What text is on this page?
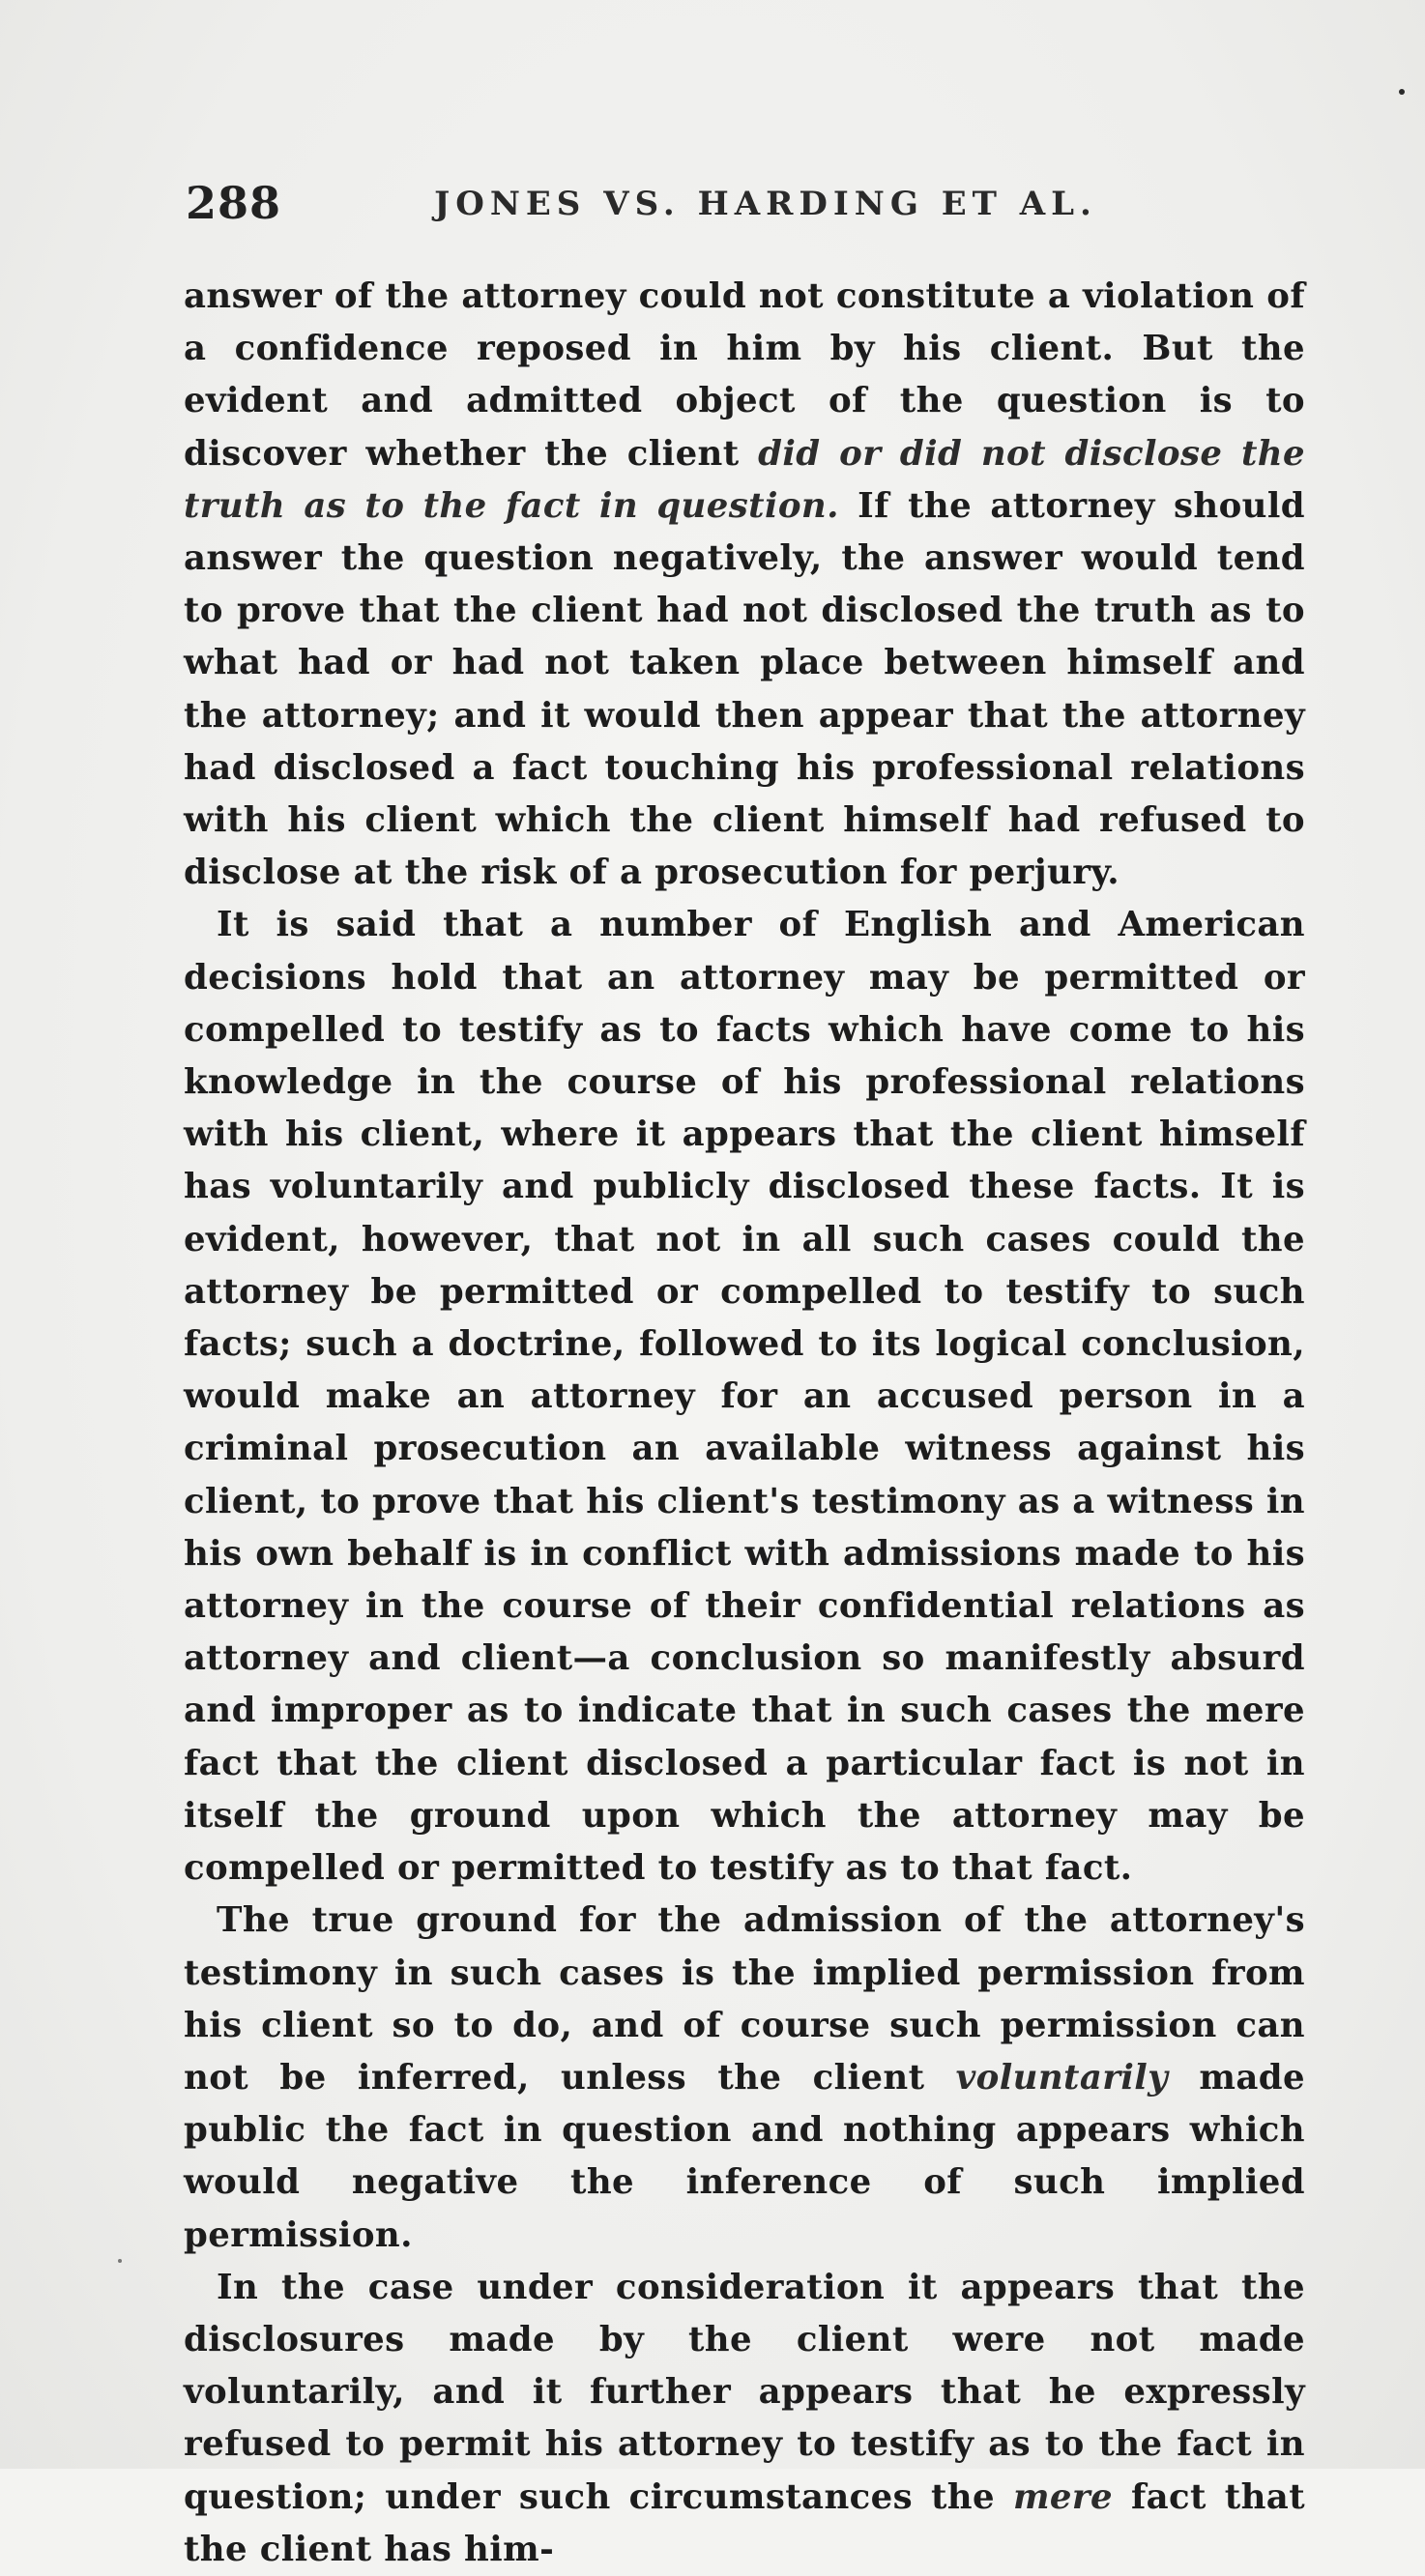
288	JONES VS. HARDING ET AL.

answer of the attorney could not constitute a violation of a confidence reposed in him by his client. But the evident and admitted object of the question is to discover whether the client did or did not disclose the truth as to the fact in question. If the attorney should answer the question negatively, the answer would tend to prove that the client had not disclosed the truth as to what had or had not taken place between himself and the attorney; and it would then appear that the attorney had disclosed a fact touching his professional relations with his client which the client himself had refused to disclose at the risk of a prosecution for perjury.

It is said that a number of English and American decisions hold that an attorney may be permitted or compelled to testify as to facts which have come to his knowledge in the course of his professional relations with his client, where it appears that the client himself has voluntarily and publicly disclosed these facts. It is evident, however, that not in all such cases could the attorney be permitted or compelled to testify to such facts; such a doctrine, followed to its logical conclusion, would make an attorney for an accused person in a criminal prosecution an available witness against his client, to prove that his client's testimony as a witness in his own behalf is in conflict with admissions made to his attorney in the course of their confidential relations as attorney and client—a conclusion so manifestly absurd and improper as to indicate that in such cases the mere fact that the client disclosed a particular fact is not in itself the ground upon which the attorney may be compelled or permitted to testify as to that fact.

The true ground for the admission of the attorney's testimony in such cases is the implied permission from his client so to do, and of course such permission can not be inferred, unless the client voluntarily made public the fact in question and nothing appears which would negative the inference of such implied permission.

In the case under consideration it appears that the disclosures made by the client were not made voluntarily, and it further appears that he expressly refused to permit his attorney to testify as to the fact in question; under such circumstances the mere fact that the client has him-
